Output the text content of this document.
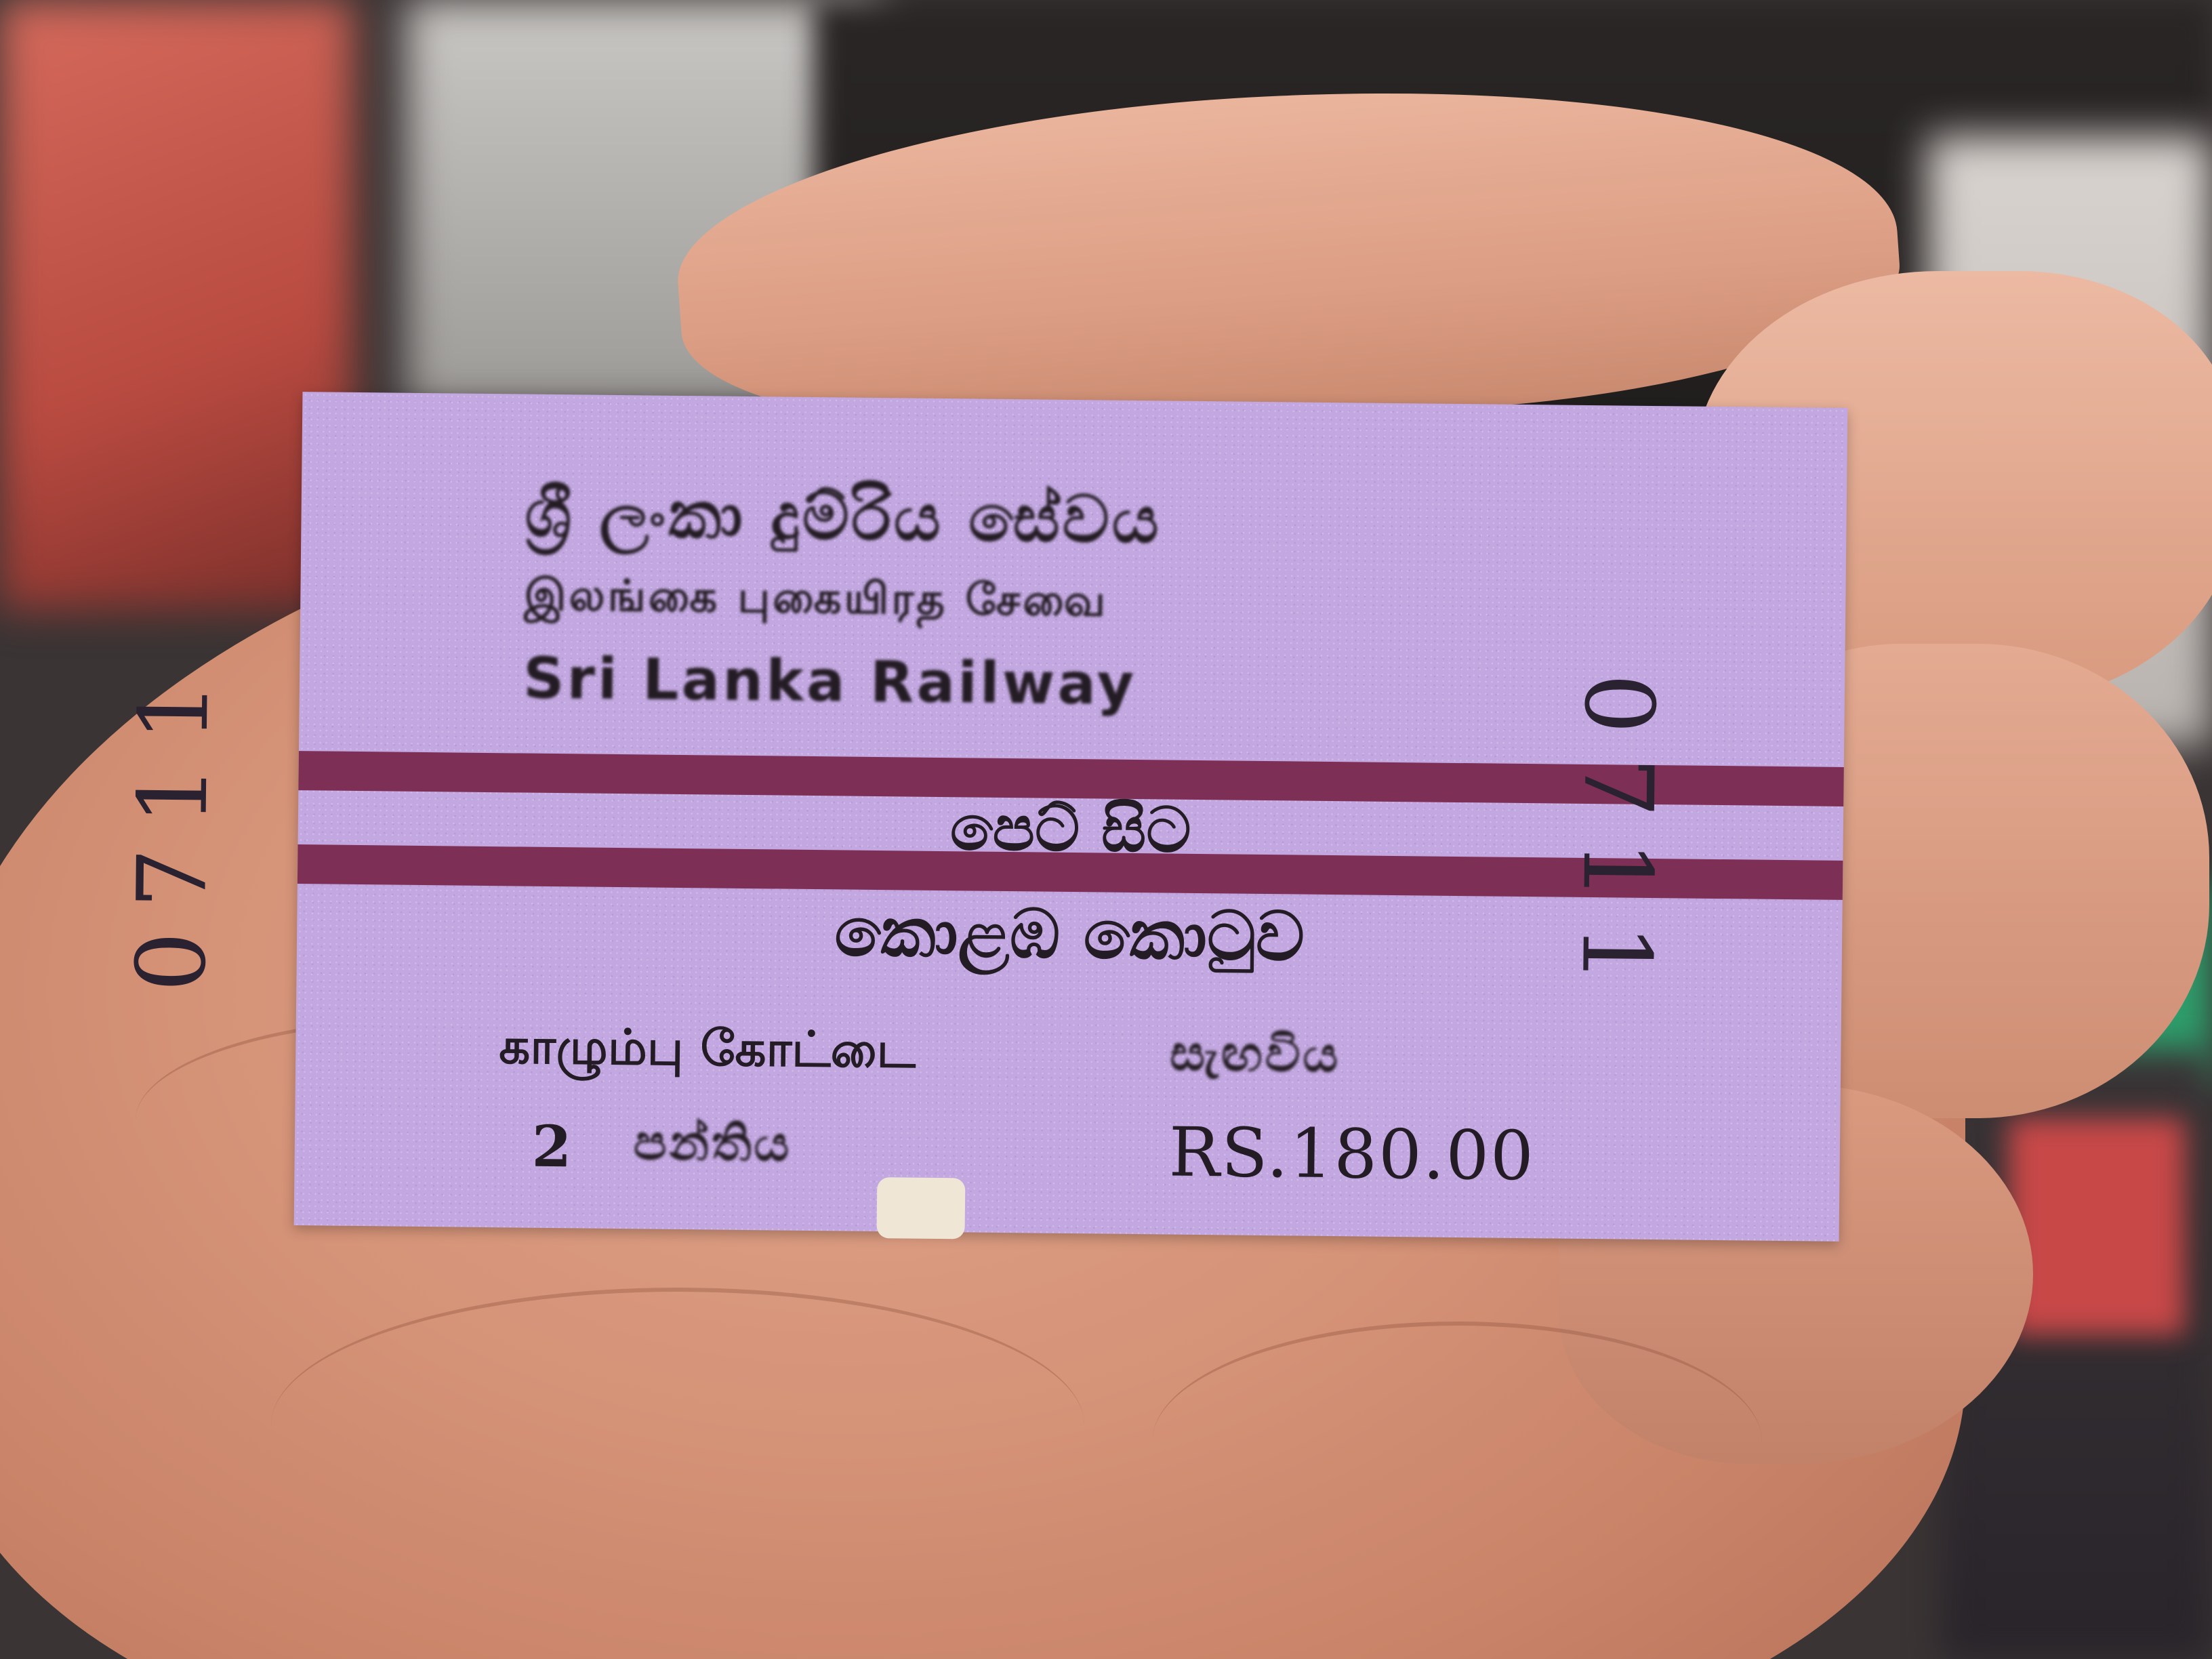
0711	0711
ශ්‍රී ලංකා දුම්රිය සේවය
இலங்கை புகையிரத சேவை
Sri Lanka Railway
පෙට් සිට
කොළඹ කොටුව
காழும்பு கோட்டை	සැඟවිය
2 පන්තිය	RS.180.00
